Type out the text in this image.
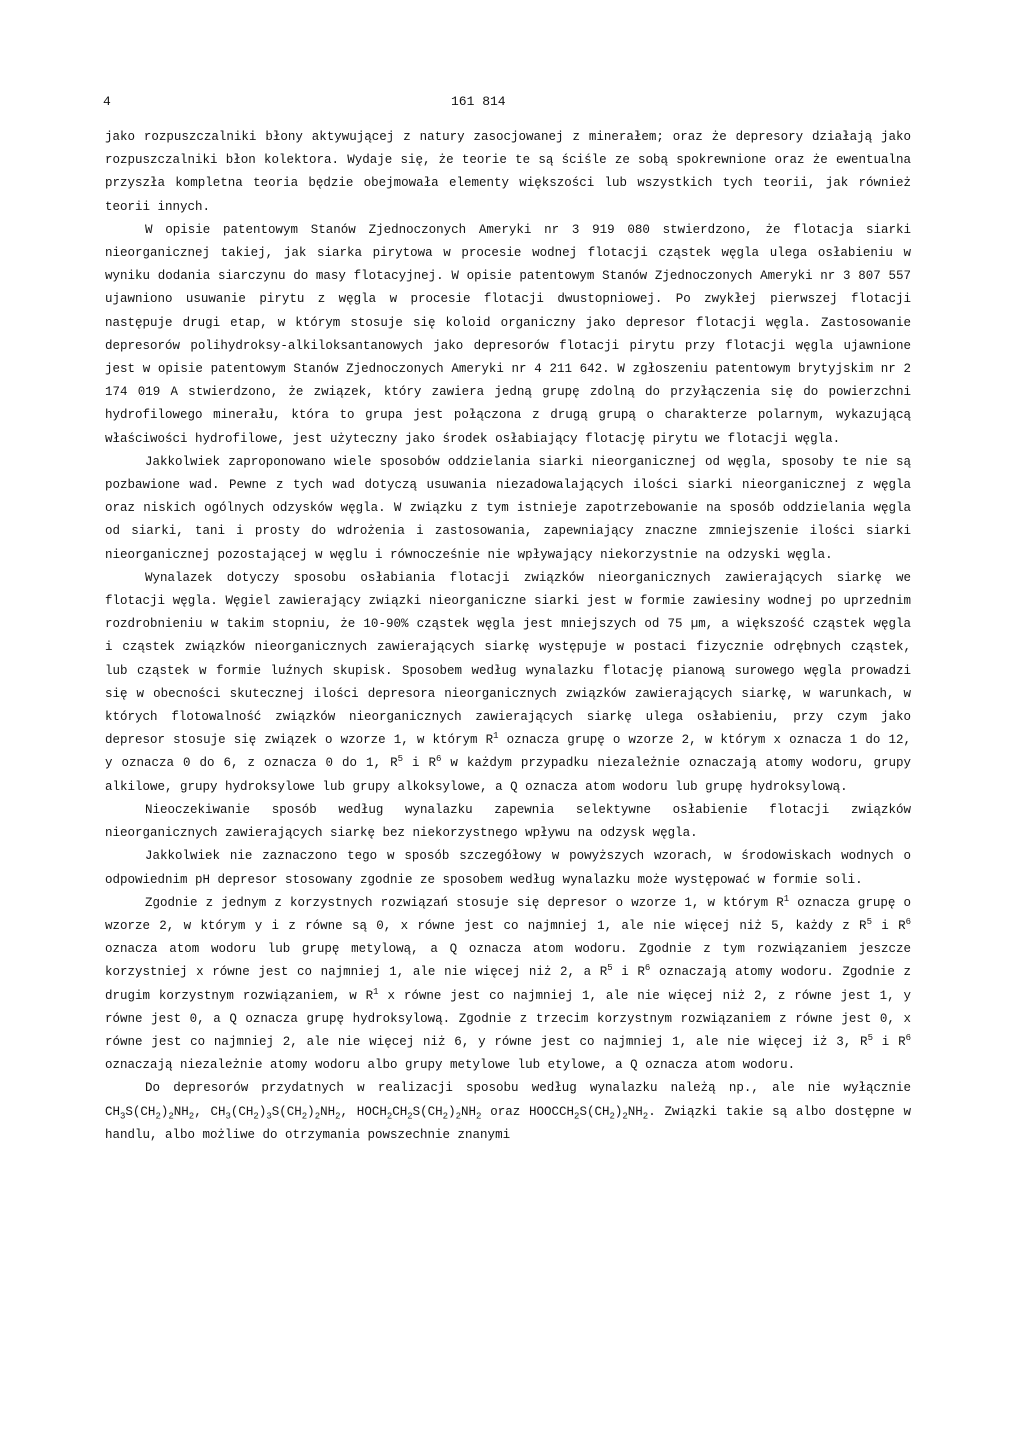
4	161 814

jako rozpuszczalniki błony aktywującej z natury zasocjowanej z minerałem; oraz że depresory działają jako rozpuszczalniki błon kolektora. Wydaje się, że teorie te są ściśle ze sobą spokrewnione oraz że ewentualna przyszła kompletna teoria będzie obejmowała elementy większości lub wszystkich tych teorii, jak również teorii innych.

W opisie patentowym Stanów Zjednoczonych Ameryki nr 3 919 080 stwierdzono, że flotacja siarki nieorganicznej takiej, jak siarka pirytowa w procesie wodnej flotacji cząstek węgla ulega osłabieniu w wyniku dodania siarczynu do masy flotacyjnej. W opisie patentowym Stanów Zjednoczonych Ameryki nr 3 807 557 ujawniono usuwanie pirytu z węgla w procesie flotacji dwustopniowej. Po zwykłej pierwszej flotacji następuje drugi etap, w którym stosuje się koloid organiczny jako depresor flotacji węgla. Zastosowanie depresorów polihydroksy-alkiloksantanowych jako depresorów flotacji pirytu przy flotacji węgla ujawnione jest w opisie patentowym Stanów Zjednoczonych Ameryki nr 4 211 642. W zgłoszeniu patentowym brytyjskim nr 2 174 019 A stwierdzono, że związek, który zawiera jedną grupę zdolną do przyłączenia się do powierzchni hydrofilowego minerału, która to grupa jest połączona z drugą grupą o charakterze polarnym, wykazującą właściwości hydrofilowe, jest użyteczny jako środek osłabiający flotację pirytu we flotacji węgla.

Jakkolwiek zaproponowano wiele sposobów oddzielania siarki nieorganicznej od węgla, sposoby te nie są pozbawione wad. Pewne z tych wad dotyczą usuwania niezadowalających ilości siarki nieorganicznej z węgla oraz niskich ogólnych odzysków węgla. W związku z tym istnieje zapotrzebowanie na sposób oddzielania węgla od siarki, tani i prosty do wdrożenia i zastosowania, zapewniający znaczne zmniejszenie ilości siarki nieorganicznej pozostającej w węglu i równocześnie nie wpływający niekorzystnie na odzyski węgla.

Wynalazek dotyczy sposobu osłabiania flotacji związków nieorganicznych zawierających siarkę we flotacji węgla. Węgiel zawierający związki nieorganiczne siarki jest w formie zawiesiny wodnej po uprzednim rozdrobnieniu w takim stopniu, że 10-90% cząstek węgla jest mniejszych od 75 µm, a większość cząstek węgla i cząstek związków nieorganicznych zawierających siarkę występuje w postaci fizycznie odrębnych cząstek, lub cząstek w formie luźnych skupisk. Sposobem według wynalazku flotację pianową surowego węgla prowadzi się w obecności skutecznej ilości depresora nieorganicznych związków zawierających siarkę, w warunkach, w których flotowalność związków nieorganicznych zawierających siarkę ulega osłabieniu, przy czym jako depresor stosuje się związek o wzorze 1, w którym $R^1$ oznacza grupę o wzorze 2, w którym x oznacza 1 do 12, y oznacza 0 do 6, z oznacza 0 do 1, $R^5$ i $R^6$ w każdym przypadku niezależnie oznaczają atomy wodoru, grupy alkilowe, grupy hydroksylowe lub grupy alkoksylowe, a Q oznacza atom wodoru lub grupę hydroksylową.

Nieoczekiwanie sposób według wynalazku zapewnia selektywne osłabienie flotacji związków nieorganicznych zawierających siarkę bez niekorzystnego wpływu na odzysk węgla.

Jakkolwiek nie zaznaczono tego w sposób szczegółowy w powyższych wzorach, w środowiskach wodnych o odpowiednim pH depresor stosowany zgodnie ze sposobem według wynalazku może występować w formie soli.

Zgodnie z jednym z korzystnych rozwiązań stosuje się depresor o wzorze 1, w którym $R^1$ oznacza grupę o wzorze 2, w którym y i z równe są 0, x równe jest co najmniej 1, ale nie więcej niż 5, każdy z $R^5$ i $R^6$ oznacza atom wodoru lub grupę metylową, a Q oznacza atom wodoru. Zgodnie z tym rozwiązaniem jeszcze korzystniej x równe jest co najmniej 1, ale nie więcej niż 2, a $R^5$ i $R^6$ oznaczają atomy wodoru. Zgodnie z drugim korzystnym rozwiązaniem, w $R^1$ x równe jest co najmniej 1, ale nie więcej niż 2, z równe jest 1, y równe jest 0, a Q oznacza grupę hydroksylową. Zgodnie z trzecim korzystnym rozwiązaniem z równe jest 0, x równe jest co najmniej 2, ale nie więcej niż 6, y równe jest co najmniej 1, ale nie więcej iż 3, $R^5$ i $R^6$ oznaczają niezależnie atomy wodoru albo grupy metylowe lub etylowe, a Q oznacza atom wodoru.

Do depresorów przydatnych w realizacji sposobu według wynalazku należą np., ale nie wyłącznie $CH_3S(CH_2)_2NH_2$, $CH_3(CH_2)_3S(CH_2)_2NH_2$, $HOCH_2CH_2S(CH_2)_2NH_2$ oraz $HOOCCH_2S(CH_2)_2NH_2$. Związki takie są albo dostępne w handlu, albo możliwe do otrzymania powszechnie znanymi
